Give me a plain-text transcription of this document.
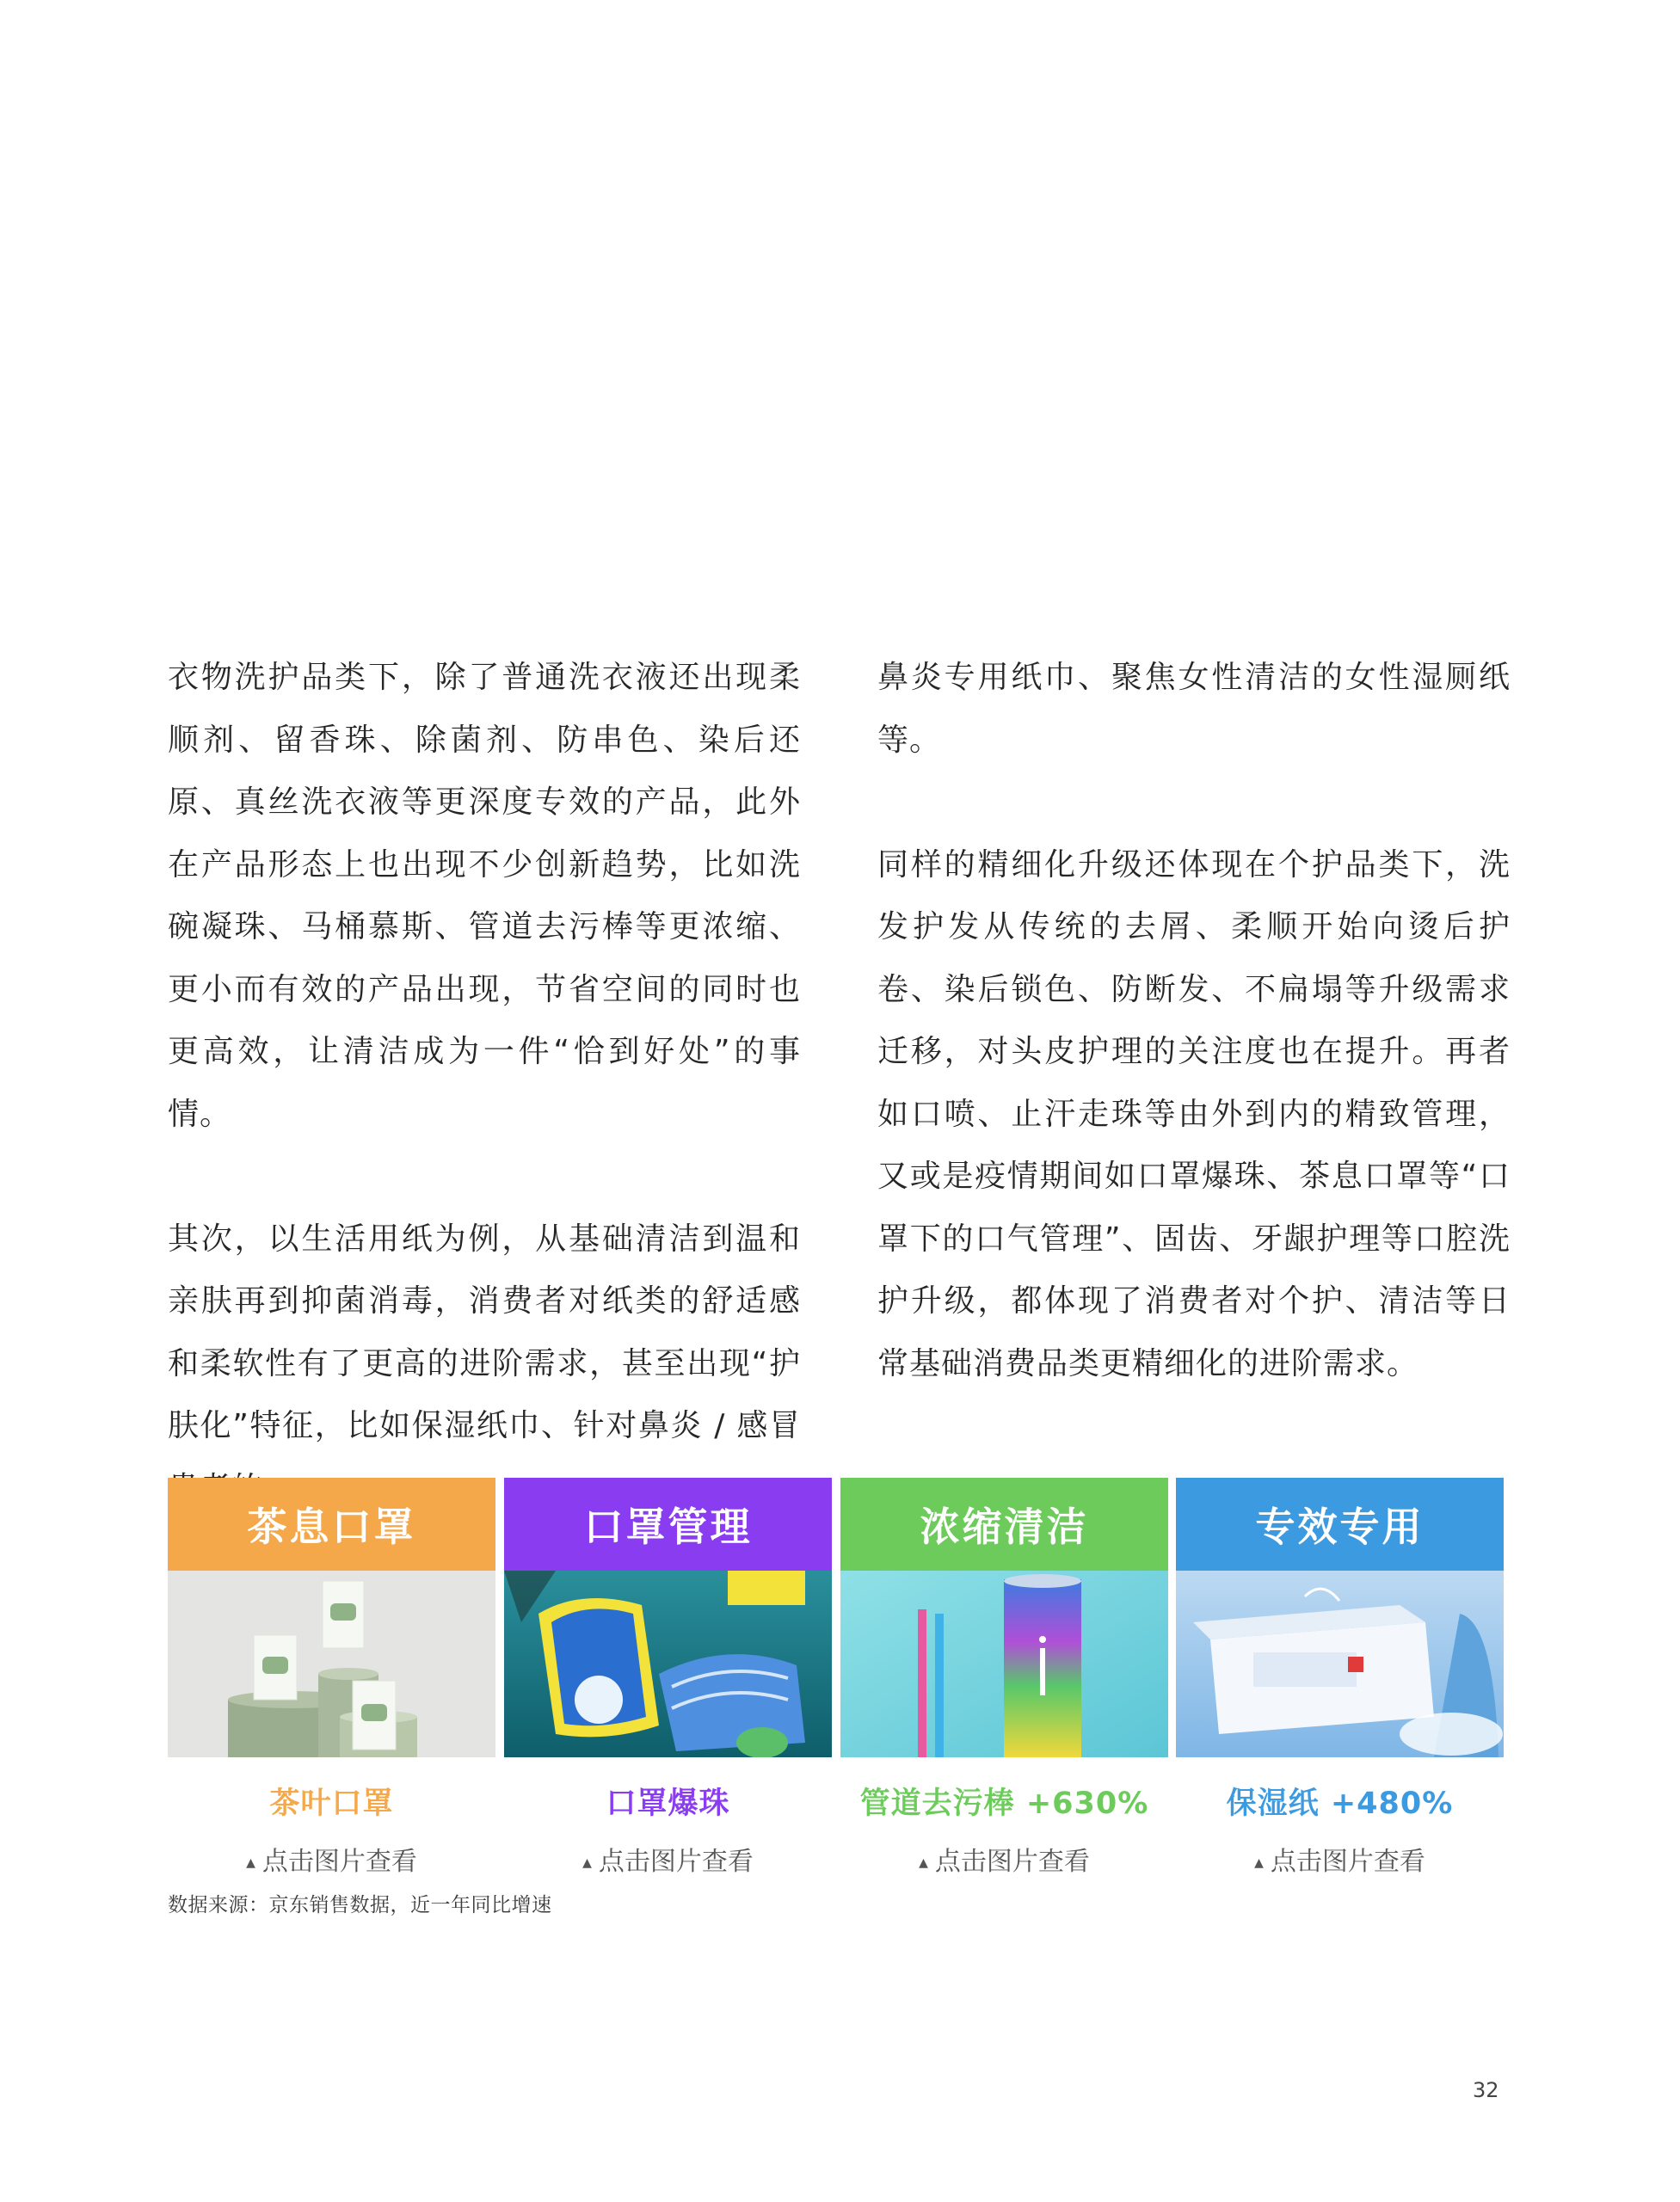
衣物洗护品类下，除了普通洗衣液还出现柔顺剂、留香珠、除菌剂、防串色、染后还原、真丝洗衣液等更深度专效的产品，此外在产品形态上也出现不少创新趋势，比如洗碗凝珠、马桶慕斯、管道去污棒等更浓缩、更小而有效的产品出现，节省空间的同时也更高效，让清洁成为一件“恰到好处”的事情。

其次，以生活用纸为例，从基础清洁到温和亲肤再到抑菌消毒，消费者对纸类的舒适感和柔软性有了更高的进阶需求，甚至出现“护肤化”特征，比如保湿纸巾、针对鼻炎 / 感冒

鼻炎专用纸巾、聚焦女性清洁的女性湿厕纸等。

同样的精细化升级还体现在个护品类下，洗发护发从传统的去屑、柔顺开始向烫后护卷、染后锁色、防断发、不扁塌等升级需求迁移，对头皮护理的关注度也在提升。再者如口喷、止汗走珠等由外到内的精致管理，又或是疫情期间如口罩爆珠、茶息口罩等“口罩下的口气管理”、固齿、牙龈护理等口腔洗护升级，都体现了消费者对个护、清洁等日常基础消费品类更精细化的进阶需求。

茶息口罩
茶叶口罩
▲ 点击图片查看
口罩管理
口罩爆珠
▲ 点击图片查看
浓缩清洁
管道去污棒 +630%
▲ 点击图片查看
专效专用
保湿纸 +480%
▲ 点击图片查看
数据来源：京东销售数据，近一年同比增速
32
